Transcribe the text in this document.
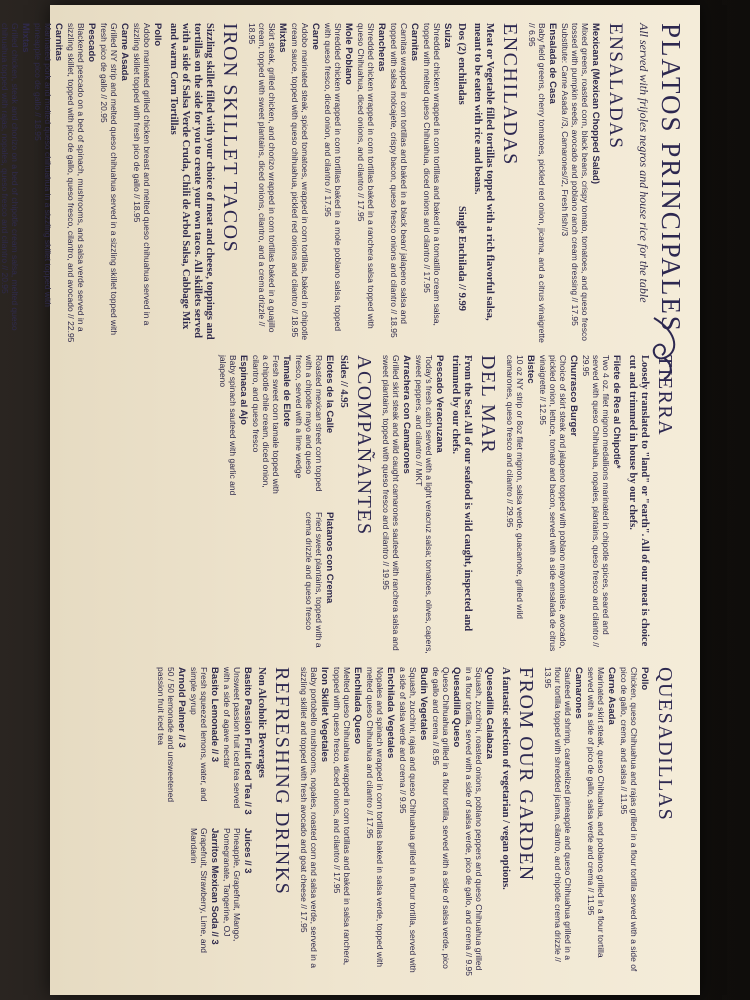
PLATOS PRINCIPALES
All served with frijoles negros and house rice for the table
ENSALADAS
Mexicana (Mexican Chopped Salad)
Mixed greens, roasted corn, black beans, crispy tomato, tomatoes, and queso fresco tossed with pumpkin seeds, avocado and poblano ranch cream dressing // 17.95 Substitute: Carne Asada //3, Camarones//2, Fresh fish//3
Ensalada de Casa
Baby field greens, cherry tomatoes, pickled red onion, jicama, and a citrus vinaigrette // 6.95
ENCHILADAS
Meat or Vegetable filled tortillas topped with a rich flavorful salsa, meant to be eaten with rice and beans.
Dos (2) enchiladas
Single Enchilada // 9.99
Suiza
Shredded chicken wrapped in corn tortillas and baked in a tomatillo cream salsa, topped with melted queso Chihuahua, diced onions and cilantro // 17.95
Carnitas
Carnitas wrapped in corn tortillas and baked in a black bean/ jalapeno salsa and topped with salsa molcajete, crispy bacon, queso fresco onions and cilantro // 18.95
Rancheras
Shredded chicken wrapped in corn tortillas baked in a ranchera salsa topped with queso Chihuahua, diced onions, and cilantro // 17.95
Mole Poblano
Shredded chicken wrapped in corn tortillas baked in a mole poblano salsa, topped with queso fresco, diced onion, and cilantro // 17.95
Carne
Adobo marinated steak, spiced tomatoes, wrapped in corn tortillas, baked in chipotle cream sauce, topped with queso chihuahua, pickled red onions and cilantro // 18.95
Mixtas
Skirt steak, grilled chicken, and chorizo wrapped in corn tortillas baked in a guajillo cream, topped with sweet plantains, diced onions, cilantro, and a crema drizzle // 18.95
IRON SKILLET TACOS
Sizzling skillet filled with your choice of meat and cheese, toppings and tortillas on the side for you to create your own tacos. All skillets served with a side of Salsa Verde Cruda, Chili de Arbol Salsa, Cabbage Mix and warm Corn Tortillas
Pollo
Adobo marinated grilled chicken breast and melted queso chihuahua served in a sizzling skillet topped with fresh pico de gallo // 18.95
Carne Asada
Grilled NY strip and melted queso chihuahua served in a sizzling skillet topped with fresh pico de gallo // 20.95
Pescado
Blackened pescado on a bed of spinach, mushrooms, and salsa verde served in a sizzling skillet, topped with pico de gallo, queso fresco, cilantro, and avocado // 22.95
Carnitas
Marinated pork and melted queso chihuahua in a sizzling skillet topped with pineapple pico de gallo // 18.95
Mixtas
Grilled chicken, steak and chorizo on a bed of chipotle cream salsa, melted queso chihuahua topped with rajas, nopales, queso fresco and cilantro // 20.95
TIERRA
Loosely translated to "land" or "earth". All of our meat is choice cut and trimmed in house by our chefs.
Filete de Res al Chipotle*
Two 4 oz. filet mignon medallions marinated in chipotle spices, seared and served with queso Chihuahua, nopales, plantains, queso fresco and cilantro // 29.95
Churrasco Burger
Choice of skirt steak and jalapeno topped with poblano mayonnaise, avocado, pickled onion, lettuce, tomato and bacon, served with a side ensalada de citrus vinaigrette // 12.95
Bistec
10 oz NY strip or 8oz filet mignon, salsa verde, guacamole, grilled wild camarones, queso fresco and cilantro // 29.95
DEL MAR
From the Sea! All of our seafood is wild caught, inspected and trimmed by our chefs.
Pescado Veracruzana
Today's fresh catch served with a light veracruz salsa; tomatoes, olives, capers, sweet peppers, and cilantro // MKT
Arrachera con Camarones
Grilled skirt steak and wild caught camarones sauteed with ranchera salsa and sweet plantains, topped with queso fresco and cilantro // 19.95
ACOMPAÑANTES
Sides // 4.95
Elotes de la Calle
Roasted mexican street corn topped with a chipotle mayo and queso fresco, served with a lime wedge
Tamale de Elote
Fresh sweet corn tamale topped with a chipotle chile cream, diced onion, cilantro, and queso fresco
Espinaca al Ajo
Baby spinach sauteed with garlic and jalapeno
Platanos con Crema
Fried sweet plantains, topped with a crema drizzle and queso fresco
QUESADILLAS
Pollo
Chicken, queso Chihuahua and rajas grilled in a flour tortilla served with a side of pico de gallo, crema, and salsa // 11.95
Carne Asada
Marinated skirt steak, queso Chihuahua, and poblanos grilled in a flour tortilla served with a side of pico de gallo, salsa verde and crema // 11.95
Camarones
Sauteed wild shrimp, caramelized pineapple and queso Chihuahua grilled in a flour tortilla topped with shredded jicama, cilantro, and chipotle crema drizzle // 13.95
FROM OUR GARDEN
A fantastic selection of vegetarian / vegan options.
Quesadilla Calabaza
Squash, zucchini, roasted onions, poblano peppers and queso Chihuahua grilled in a flour tortilla, served with a side of salsa verde, pico de gallo, and crema // 9.95
Quesadilla Queso
Queso Chihuahua grilled in a flour tortilla, served with a side of salsa verde, pico de gallo and crema // 8.95
Budin Vegetales
Squash, zucchini, rajas and queso Chihuahua grilled in a flour tortilla, served with a side of salsa verde and crema // 9.95
Enchilada Vegetales
Nopales and spinach wrapped in corn tortillas baked in salsa verde, topped with melted queso Chihuahua and cilantro // 17.95
Enchilada Queso
Melted queso Chihuahua wrapped in corn tortillas and baked in salsa ranchera, topped with queso fresco, diced onions, and cilantro // 17.95
Iron Skillet Vegetales
Baby portobello mushrooms, nopales, roasted corn and salsa verde, served in a sizzling skillet and topped with fresh avocado and goat cheese // 17.95
REFRESHING DRINKS
Non Alcoholic Beverages
Basito Passion Fruit Iced Tea // 3
Unsweet passion fruit iced tea served with a side of agave nectar
Basito Lemonade // 3
Fresh squeezed lemons, water, and simple syrup
Arnold Palmer // 3
50 / 50 lemonade and unsweetened passion fruit iced tea
Juices // 3
Pineapple, Grapefruit, Mango, Pomegranate, Tangerine, OJ
Jarritos Mexican Soda // 3
Grapefruit, Strawberry, Lime, and Mandarin
